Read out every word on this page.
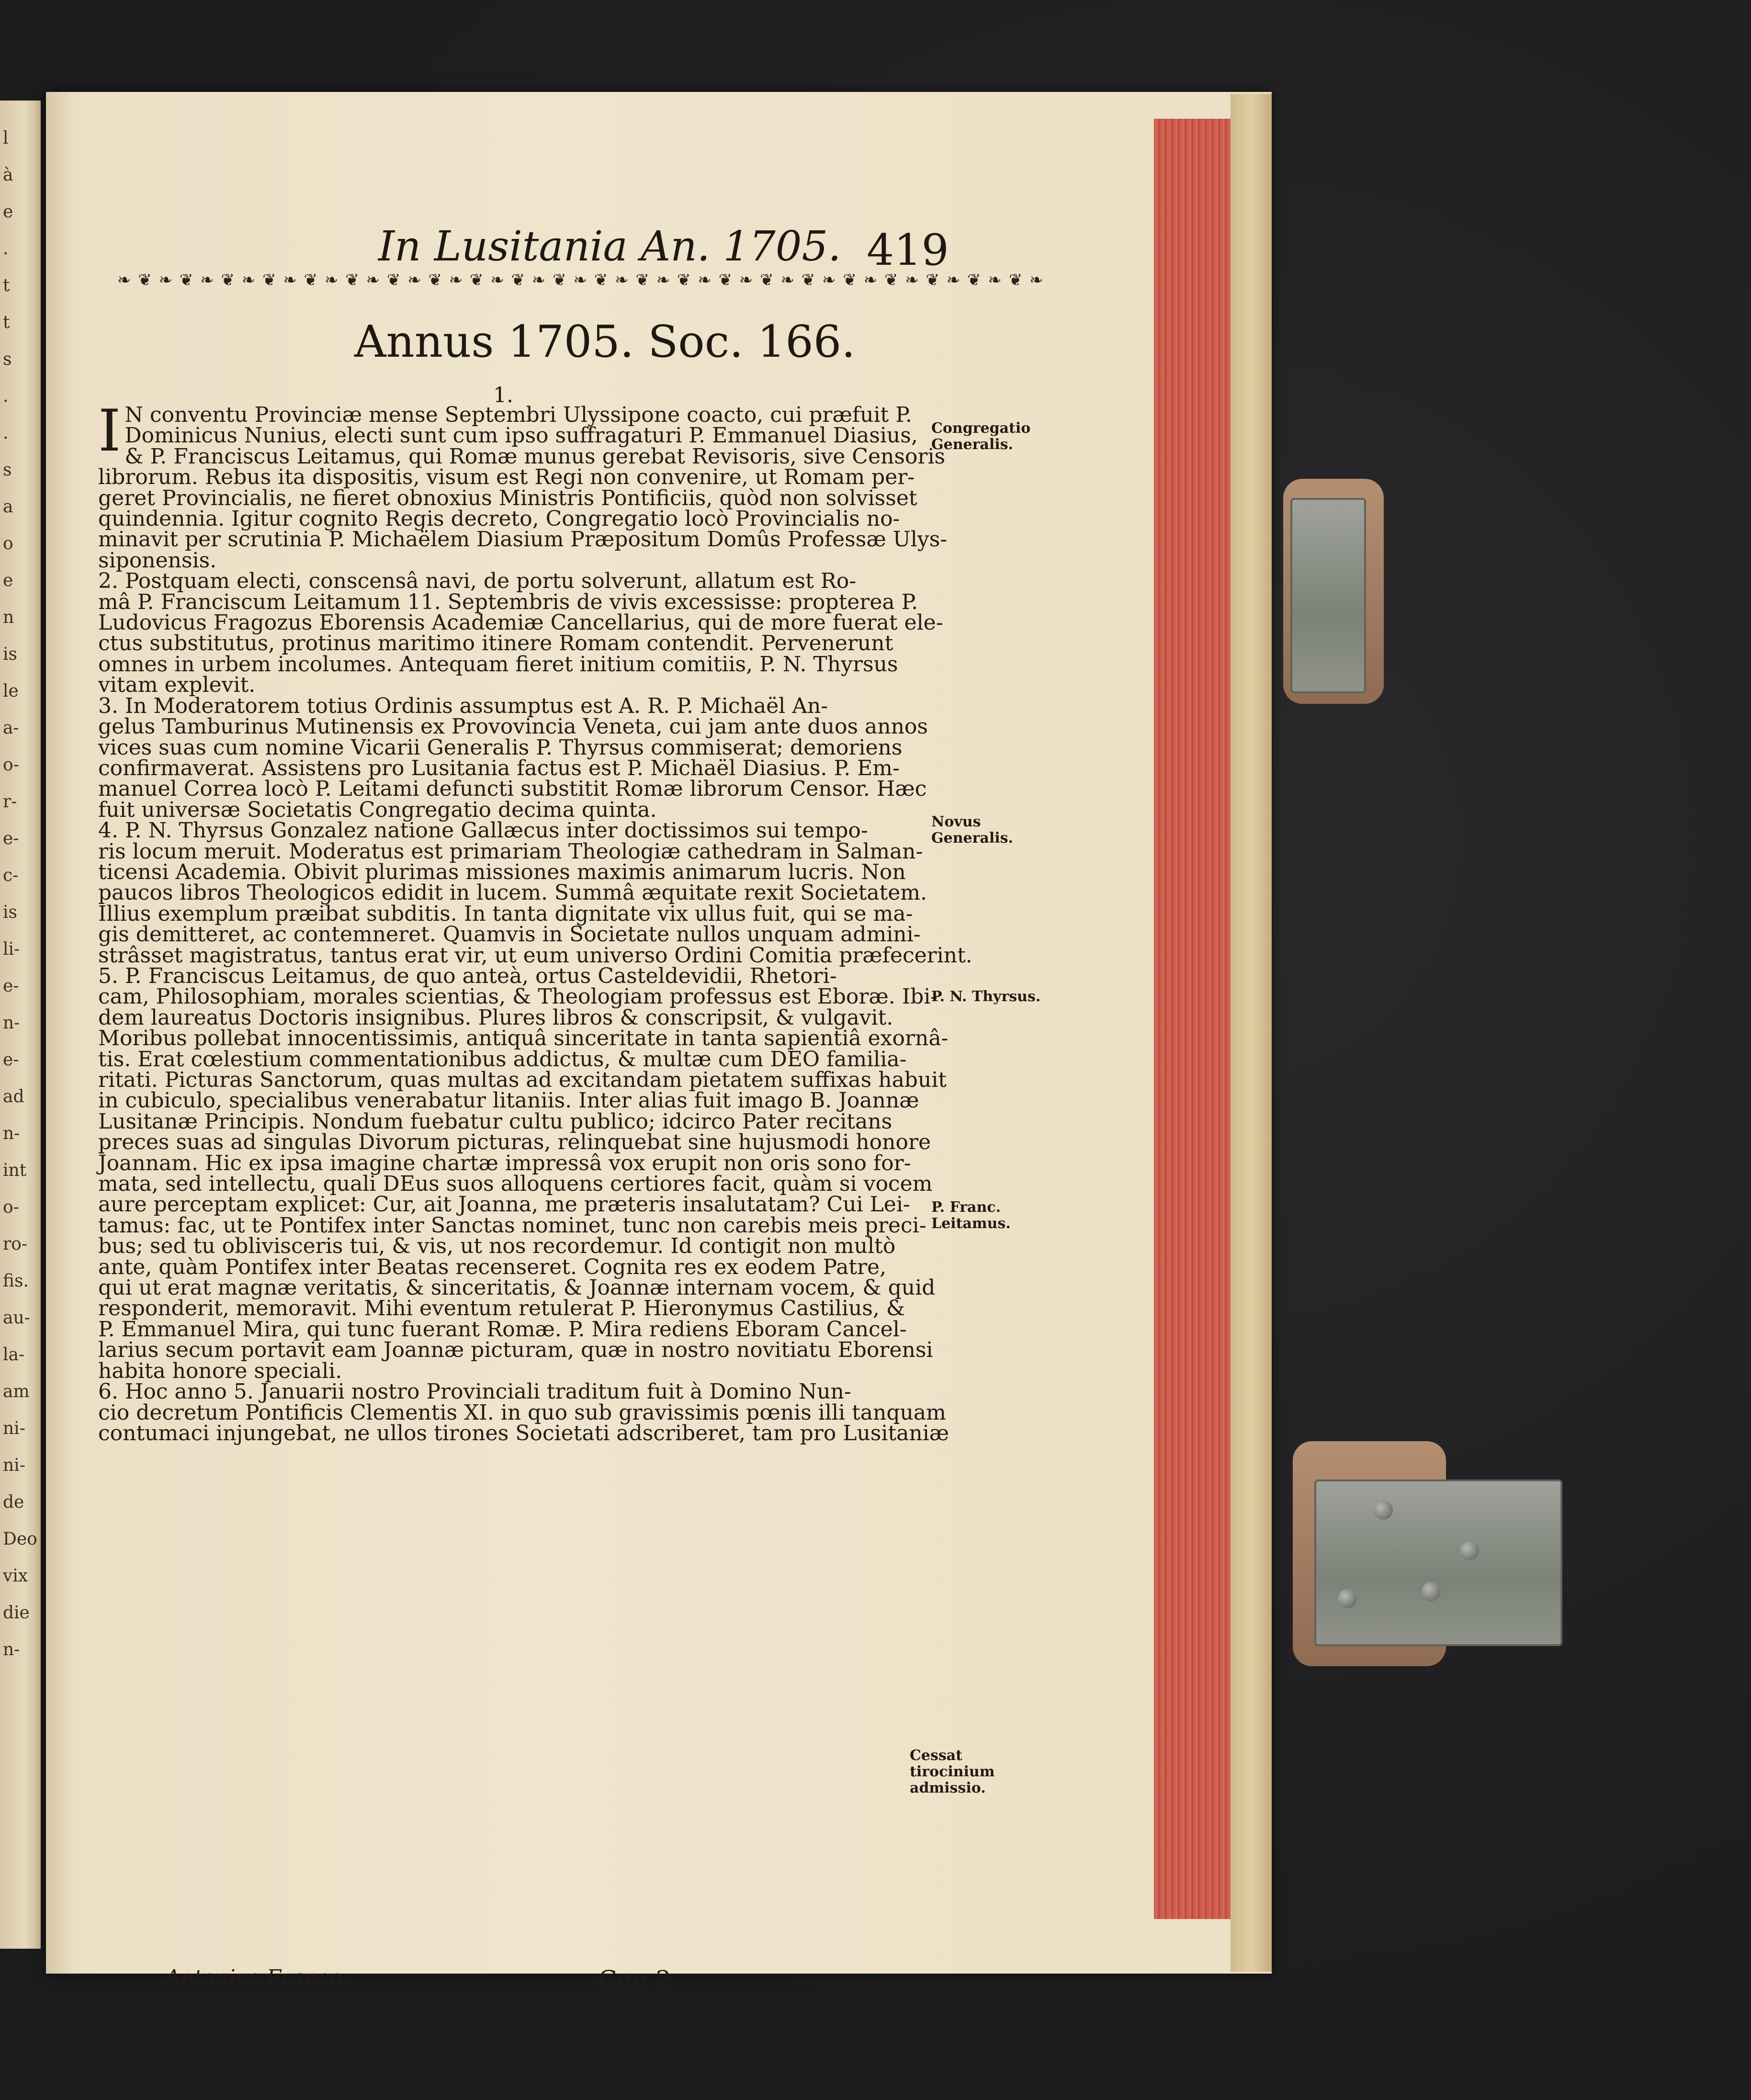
l
à
e
.
t
t
s
.
.
s
a
o
e
n
is
le
a-
o-
r-
e-
c-
is
li-
e-
n-
e-
ad
n-
int
o-
ro-
fis.
au-
la-
am
ni-
ni-
de
Deo
vix
die
n-
In Lusitania An. 1705. 419
❧ ❦ ❧ ❦ ❧ ❦ ❧ ❦ ❧ ❦ ❧ ❦ ❧ ❦ ❧ ❦ ❧ ❦ ❧ ❦ ❧ ❦ ❧ ❦ ❧ ❦ ❧ ❦ ❧ ❦ ❧ ❦ ❧ ❦ ❧ ❦ ❧ ❦ ❧ ❦ ❧ ❦ ❧ ❦ ❧
Annus 1705. Soc. 166.
1.
I N conventu Provinciæ mense Septembri Ulyssipone coacto, cui præfuit P.
Dominicus Nunius, electi sunt cum ipso suffragaturi P. Emmanuel Diasius,
& P. Franciscus Leitamus, qui Romæ munus gerebat Revisoris, sive Censoris
librorum. Rebus ita dispositis, visum est Regi non convenire, ut Romam per-
geret Provincialis, ne fieret obnoxius Ministris Pontificiis, quòd non solvisset
quindennia. Igitur cognito Regis decreto, Congregatio locò Provincialis no-
minavit per scrutinia P. Michaëlem Diasium Præpositum Domûs Professæ Ulys-
siponensis.
2. Postquam electi, conscensâ navi, de portu solverunt, allatum est Ro-
mâ P. Franciscum Leitamum 11. Septembris de vivis excessisse: propterea P.
Ludovicus Fragozus Eborensis Academiæ Cancellarius, qui de more fuerat ele-
ctus substitutus, protinus maritimo itinere Romam contendit. Pervenerunt
omnes in urbem incolumes. Antequam fieret initium comitiis, P. N. Thyrsus
vitam explevit.
3. In Moderatorem totius Ordinis assumptus est A. R. P. Michaël An-
gelus Tamburinus Mutinensis ex Provovincia Veneta, cui jam ante duos annos
vices suas cum nomine Vicarii Generalis P. Thyrsus commiserat; demoriens
confirmaverat. Assistens pro Lusitania factus est P. Michaël Diasius. P. Em-
manuel Correa locò P. Leitami defuncti substitit Romæ librorum Censor. Hæc
fuit universæ Societatis Congregatio decima quinta.
4. P. N. Thyrsus Gonzalez natione Gallæcus inter doctissimos sui tempo-
ris locum meruit. Moderatus est primariam Theologiæ cathedram in Salman-
ticensi Academia. Obivit plurimas missiones maximis animarum lucris. Non
paucos libros Theologicos edidit in lucem. Summâ æquitate rexit Societatem.
Illius exemplum præibat subditis. In tanta dignitate vix ullus fuit, qui se ma-
gis demitteret, ac contemneret. Quamvis in Societate nullos unquam admini-
strâsset magistratus, tantus erat vir, ut eum universo Ordini Comitia præfecerint.
5. P. Franciscus Leitamus, de quo anteà, ortus Casteldevidii, Rhetori-
cam, Philosophiam, morales scientias, & Theologiam professus est Eboræ. Ibi-
dem laureatus Doctoris insignibus. Plures libros & conscripsit, & vulgavit.
Moribus pollebat innocentissimis, antiquâ sinceritate in tanta sapientiâ exornâ-
tis. Erat cœlestium commentationibus addictus, & multæ cum DEO familia-
ritati. Picturas Sanctorum, quas multas ad excitandam pietatem suffixas habuit
in cubiculo, specialibus venerabatur litaniis. Inter alias fuit imago B. Joannæ
Lusitanæ Principis. Nondum fuebatur cultu publico; idcirco Pater recitans
preces suas ad singulas Divorum picturas, relinquebat sine hujusmodi honore
Joannam. Hic ex ipsa imagine chartæ impressâ vox erupit non oris sono for-
mata, sed intellectu, quali DEus suos alloquens certiores facit, quàm si vocem
aure perceptam explicet: Cur, ait Joanna, me præteris insalutatam? Cui Lei-
tamus: fac, ut te Pontifex inter Sanctas nominet, tunc non carebis meis preci-
bus; sed tu oblivisceris tui, & vis, ut nos recordemur. Id contigit non multò
ante, quàm Pontifex inter Beatas recenseret. Cognita res ex eodem Patre,
qui ut erat magnæ veritatis, & sinceritatis, & Joannæ internam vocem, & quid
responderit, memoravit. Mihi eventum retulerat P. Hieronymus Castilius, &
P. Emmanuel Mira, qui tunc fuerant Romæ. P. Mira rediens Eboram Cancel-
larius secum portavit eam Joannæ picturam, quæ in nostro novitiatu Eborensi
habita honore speciali.
6. Hoc anno 5. Januarii nostro Provinciali traditum fuit à Domino Nun-
cio decretum Pontificis Clementis XI. in quo sub gravissimis pœnis illi tanquam
contumaci injungebat, ne ullos tirones Societati adscriberet, tam pro Lusitaniæ
Congregatio Generalis.
Novus Generalis.
P. N. Thyrsus.
P. Franc. Leitamus.
Cessat tirocinium admissio.
Antonius Franco.	Ggg 2	Pro-
